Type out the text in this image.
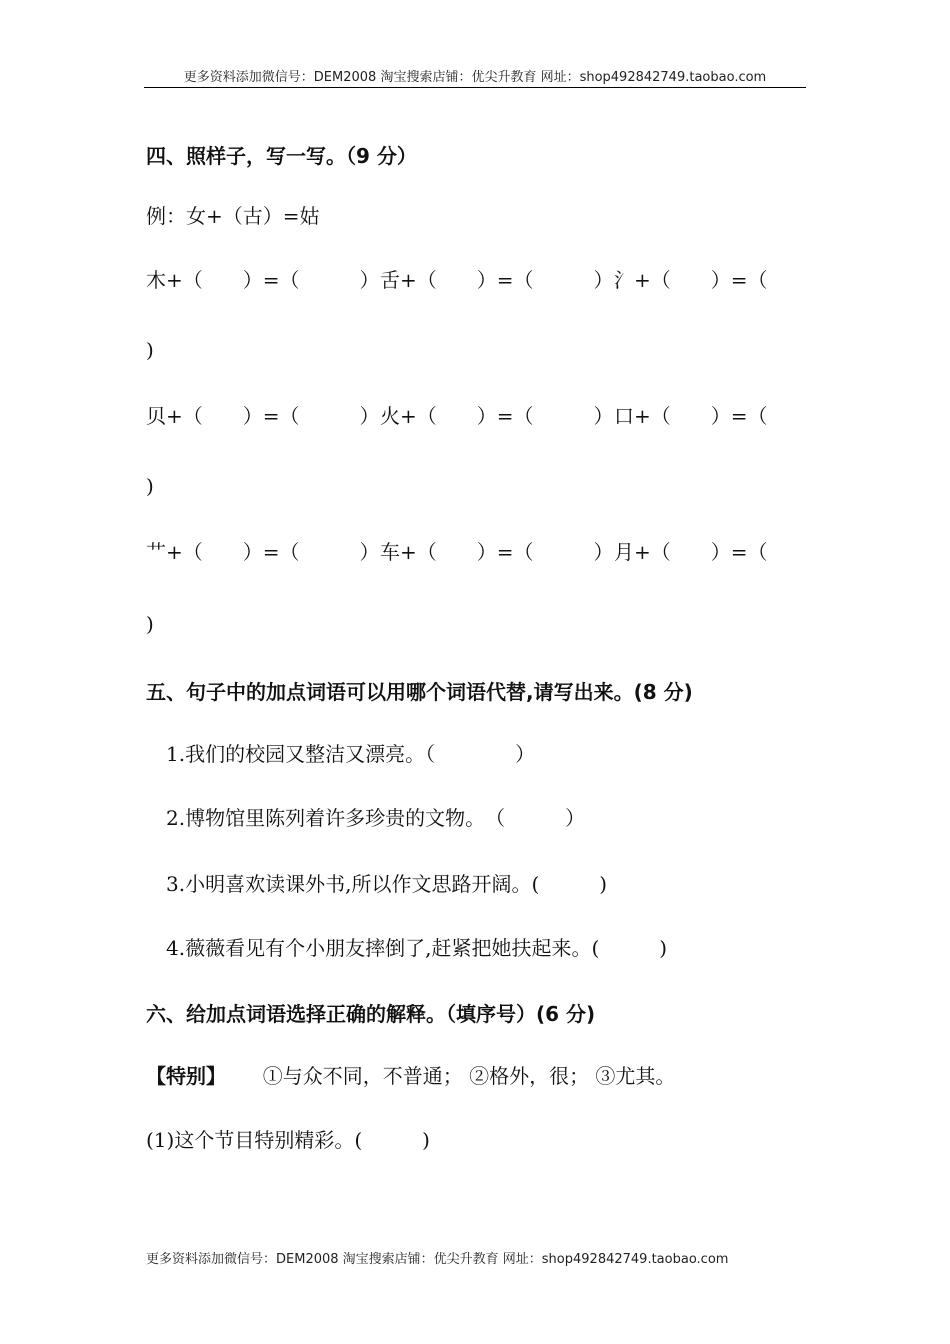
更多资料添加微信号：DEM2008 淘宝搜索店铺：优尖升教育 网址：shop492842749.taobao.com
四、照样子，写一写。（9 分）
例：女+（古）=姑
木+（　　）=（　　　） 舌+（　　）=（　　　） 氵+（　　）=（
)
贝+（　　）=（　　　） 火+（　　）=（　　　） 口+（　　）=（
)
艹+（　　）=（　　　） 车+（　　）=（　　　） 月+（　　）=（
)
五、句子中的加点词语可以用哪个词语代替,请写出来。(8 分)
1.我们的校园又整洁又漂亮。（　　　　）
2.博物馆里陈列着许多珍贵的文物。　（　　　）
3.小明喜欢读课外书,所以作文思路开阔。(　　　)
4.薇薇看见有个小朋友摔倒了,赶紧把她扶起来。(　　　)
六、给加点词语选择正确的解释。（填序号）(6 分)
【特别】 ①与众不同，不普通； ②格外，很； ③尤其。
(1)这个节目特别精彩。(　　　)
更多资料添加微信号：DEM2008 淘宝搜索店铺：优尖升教育 网址：shop492842749.taobao.com
